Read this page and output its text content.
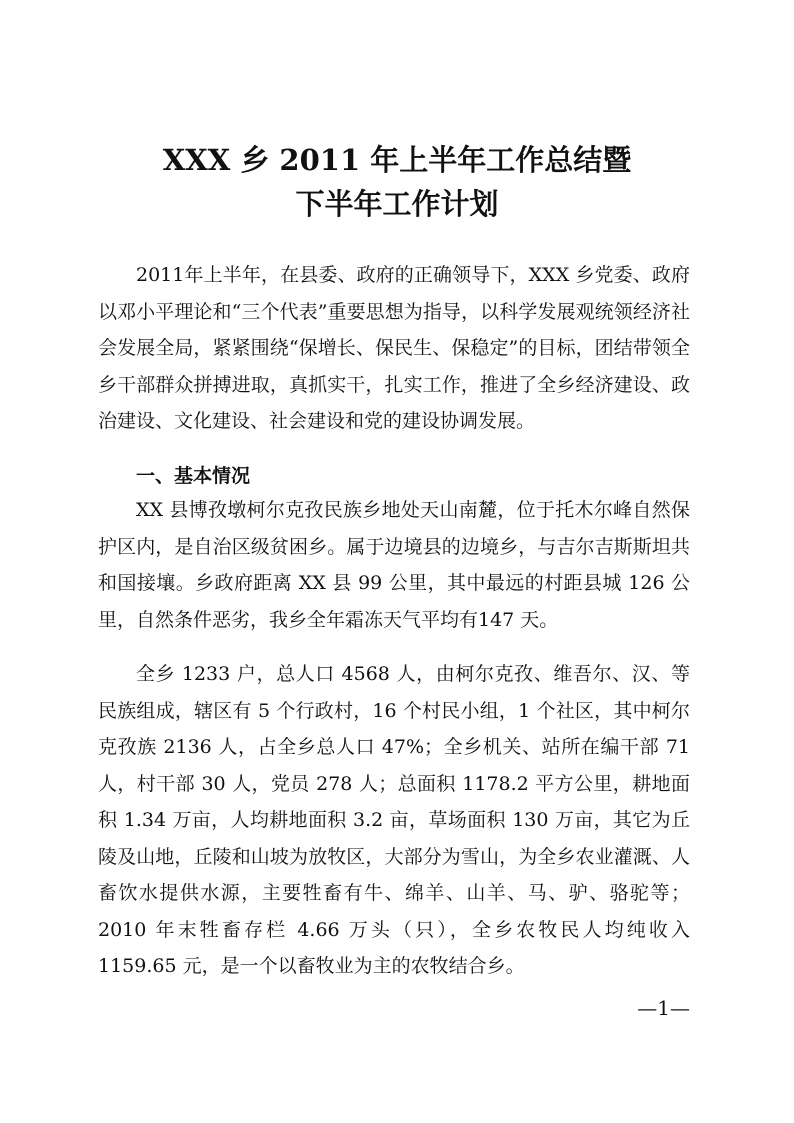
XXX 乡 2011 年上半年工作总结暨
下半年工作计划

2011年上半年，在县委、政府的正确领导下，XXX 乡党委、政府以邓小平理论和“三个代表”重要思想为指导，以科学发展观统领经济社会发展全局，紧紧围绕“保增长、保民生、保稳定”的目标，团结带领全乡干部群众拼搏进取，真抓实干，扎实工作，推进了全乡经济建设、政治建设、文化建设、社会建设和党的建设协调发展。

一、基本情况

XX 县博孜墩柯尔克孜民族乡地处天山南麓，位于托木尔峰自然保护区内，是自治区级贫困乡。属于边境县的边境乡，与吉尔吉斯斯坦共和国接壤。乡政府距离 XX 县 99 公里，其中最远的村距县城 126 公里，自然条件恶劣，我乡全年霜冻天气平均有147 天。

全乡 1233 户，总人口 4568 人，由柯尔克孜、维吾尔、汉、等民族组成，辖区有 5 个行政村，16 个村民小组，1 个社区，其中柯尔克孜族 2136 人，占全乡总人口 47%；全乡机关、站所在编干部 71 人，村干部 30 人，党员 278 人；总面积 1178.2 平方公里，耕地面积 1.34 万亩，人均耕地面积 3.2 亩，草场面积 130 万亩，其它为丘陵及山地，丘陵和山坡为放牧区，大部分为雪山，为全乡农业灌溉、人畜饮水提供水源，主要牲畜有牛、绵羊、山羊、马、驴、骆驼等；2010 年末牲畜存栏 4.66 万头（只），全乡农牧民人均纯收入 1159.65 元，是一个以畜牧业为主的农牧结合乡。

—1—
